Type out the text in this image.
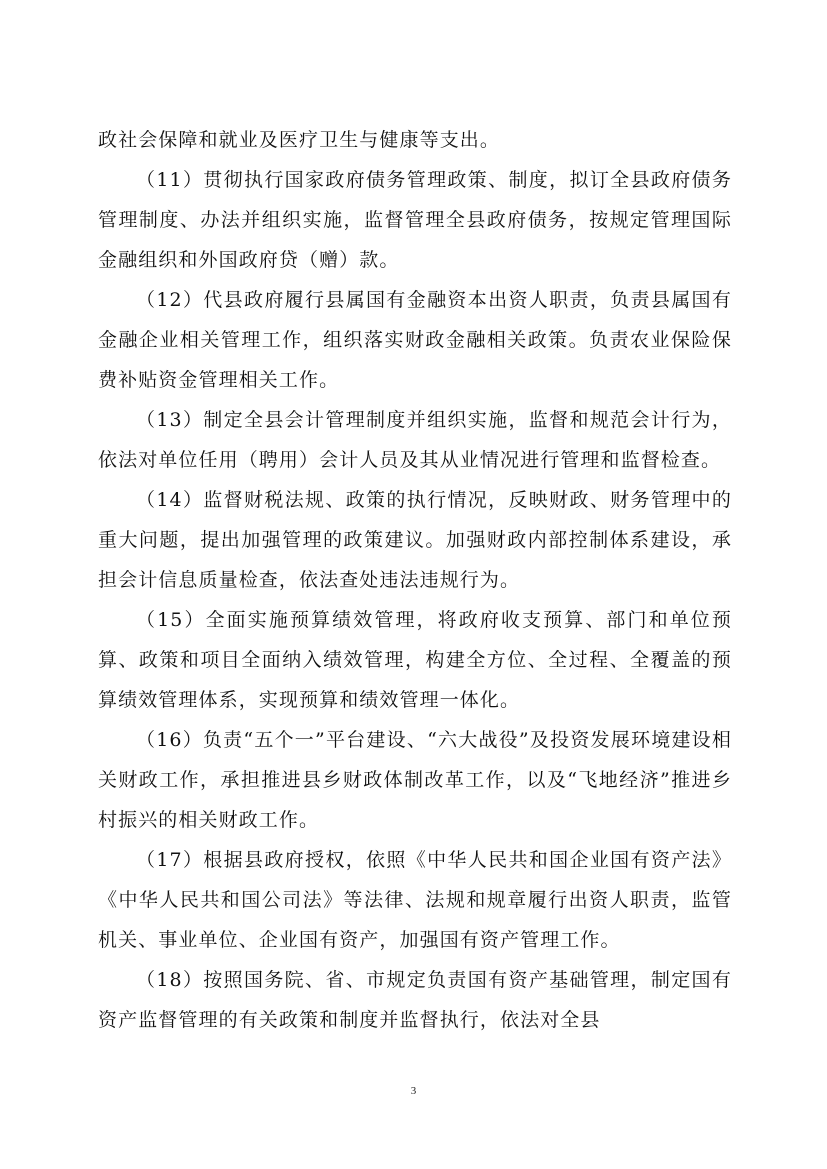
政社会保障和就业及医疗卫生与健康等支出。

（11）贯彻执行国家政府债务管理政策、制度，拟订全县政府债务管理制度、办法并组织实施，监督管理全县政府债务，按规定管理国际金融组织和外国政府贷（赠）款。

（12）代县政府履行县属国有金融资本出资人职责，负责县属国有金融企业相关管理工作，组织落实财政金融相关政策。负责农业保险保费补贴资金管理相关工作。

（13）制定全县会计管理制度并组织实施，监督和规范会计行为，依法对单位任用（聘用）会计人员及其从业情况进行管理和监督检查。

（14）监督财税法规、政策的执行情况，反映财政、财务管理中的重大问题，提出加强管理的政策建议。加强财政内部控制体系建设，承担会计信息质量检查，依法查处违法违规行为。

（15）全面实施预算绩效管理，将政府收支预算、部门和单位预算、政策和项目全面纳入绩效管理，构建全方位、全过程、全覆盖的预算绩效管理体系，实现预算和绩效管理一体化。

（16）负责“五个一”平台建设、“六大战役”及投资发展环境建设相关财政工作，承担推进县乡财政体制改革工作，以及“飞地经济”推进乡村振兴的相关财政工作。

（17）根据县政府授权，依照《中华人民共和国企业国有资产法》《中华人民共和国公司法》等法律、法规和规章履行出资人职责，监管机关、事业单位、企业国有资产，加强国有资产管理工作。

（18）按照国务院、省、市规定负责国有资产基础管理，制定国有资产监督管理的有关政策和制度并监督执行，依法对全县

3
